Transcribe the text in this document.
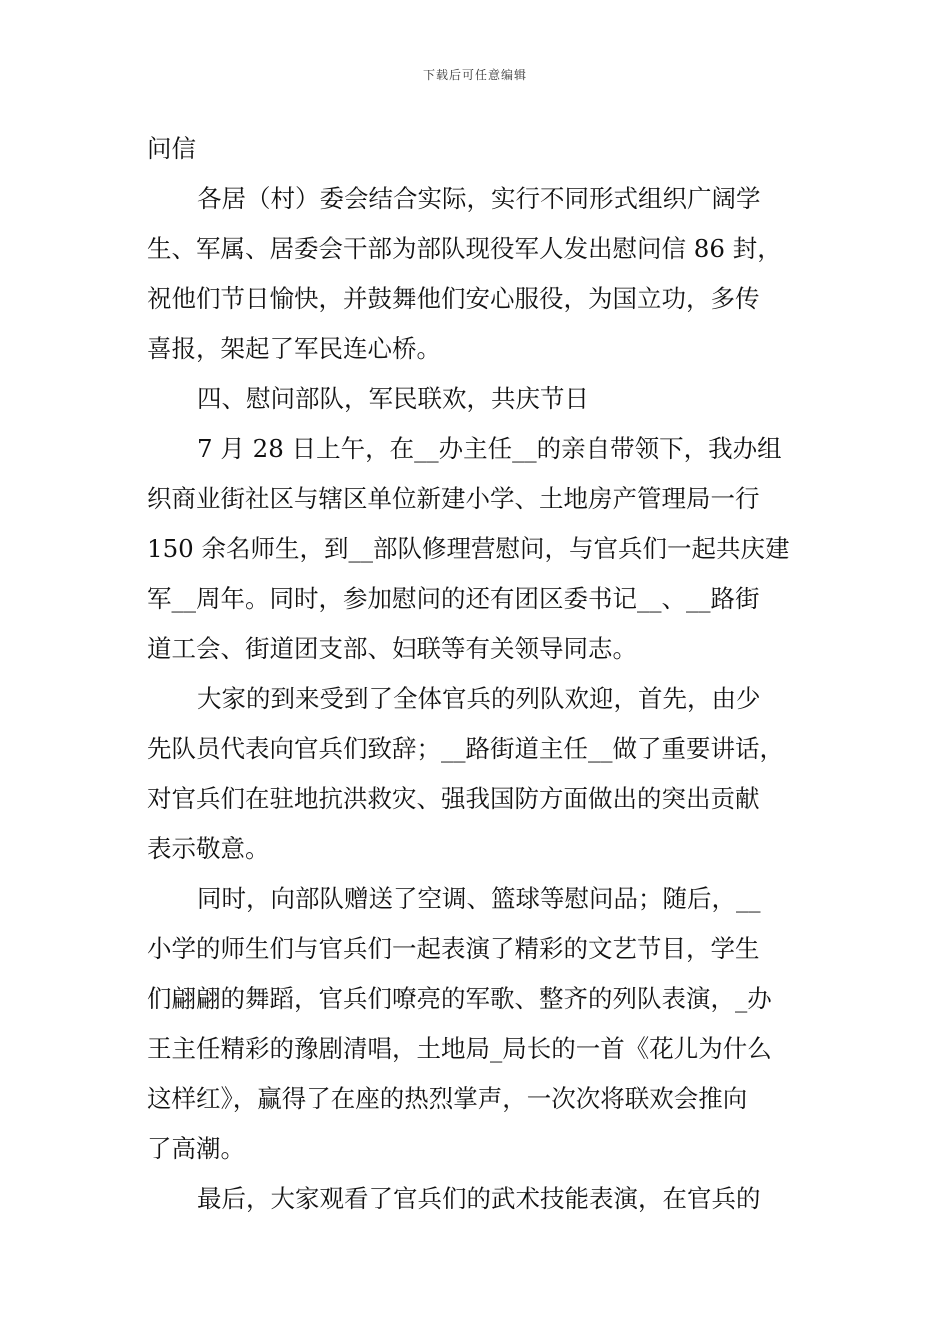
下载后可任意编辑
问信
各居（村）委会结合实际，实行不同形式组织广阔学
生、军属、居委会干部为部队现役军人发出慰问信 86 封，
祝他们节日愉快，并鼓舞他们安心服役，为国立功，多传
喜报，架起了军民连心桥。
四、慰问部队，军民联欢，共庆节日
7 月 28 日上午，在__办主任__的亲自带领下，我办组
织商业街社区与辖区单位新建小学、土地房产管理局一行
150 余名师生，到__部队修理营慰问，与官兵们一起共庆建
军__周年。同时，参加慰问的还有团区委书记__、__路街
道工会、街道团支部、妇联等有关领导同志。
大家的到来受到了全体官兵的列队欢迎，首先，由少
先队员代表向官兵们致辞；__路街道主任__做了重要讲话，
对官兵们在驻地抗洪救灾、强我国防方面做出的突出贡献
表示敬意。
同时，向部队赠送了空调、篮球等慰问品；随后，__
小学的师生们与官兵们一起表演了精彩的文艺节目，学生
们翩翩的舞蹈，官兵们嘹亮的军歌、整齐的列队表演，_办
王主任精彩的豫剧清唱，土地局_局长的一首《花儿为什么
这样红》，赢得了在座的热烈掌声，一次次将联欢会推向
了高潮。
最后，大家观看了官兵们的武术技能表演，在官兵的
